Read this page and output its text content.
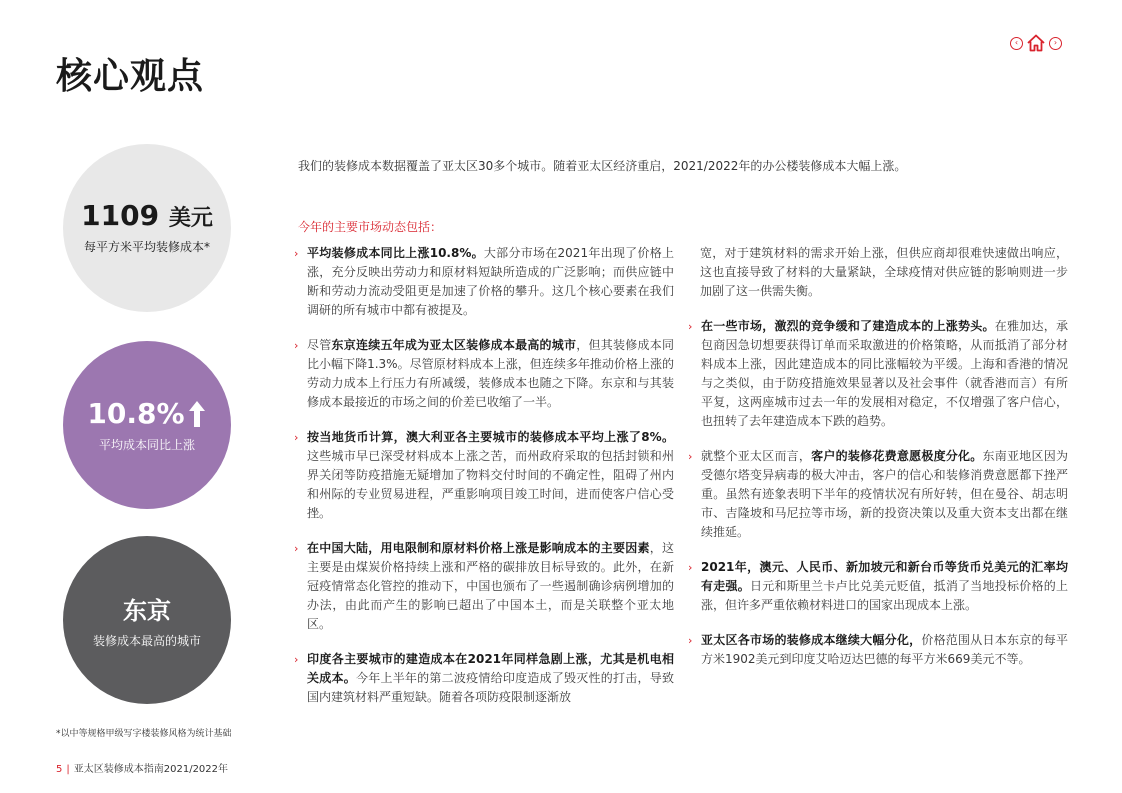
核心观点
‹	›
1109 美元
每平方米平均装修成本*
10.8%
平均成本同比上涨
东京
装修成本最高的城市
*以中等规格甲级写字楼装修风格为统计基础
5 | 亚太区装修成本指南2021/2022年
我们的装修成本数据覆盖了亚太区30多个城市。随着亚太区经济重启，2021/2022年的办公楼装修成本大幅上涨。
今年的主要市场动态包括：
› 平均装修成本同比上涨10.8%。大部分市场在2021年出现了价格上涨，充分反映出劳动力和原材料短缺所造成的广泛影响；而供应链中断和劳动力流动受阻更是加速了价格的攀升。这几个核心要素在我们调研的所有城市中都有被提及。
› 尽管东京连续五年成为亚太区装修成本最高的城市，但其装修成本同比小幅下降1.3%。尽管原材料成本上涨，但连续多年推动价格上涨的劳动力成本上行压力有所减缓，装修成本也随之下降。东京和与其装修成本最接近的市场之间的价差已收缩了一半。
› 按当地货币计算，澳大利亚各主要城市的装修成本平均上涨了8%。这些城市早已深受材料成本上涨之苦，而州政府采取的包括封锁和州界关闭等防疫措施无疑增加了物料交付时间的不确定性，阻碍了州内和州际的专业贸易进程，严重影响项目竣工时间，进而使客户信心受挫。
› 在中国大陆，用电限制和原材料价格上涨是影响成本的主要因素，这主要是由煤炭价格持续上涨和严格的碳排放目标导致的。此外，在新冠疫情常态化管控的推动下，中国也颁布了一些遏制确诊病例增加的办法，由此而产生的影响已超出了中国本土，而是关联整个亚太地区。
› 印度各主要城市的建造成本在2021年同样急剧上涨，尤其是机电相关成本。今年上半年的第二波疫情给印度造成了毁灭性的打击，导致国内建筑材料严重短缺。随着各项防疫限制逐渐放
宽，对于建筑材料的需求开始上涨，但供应商却很难快速做出响应，这也直接导致了材料的大量紧缺，全球疫情对供应链的影响则进一步加剧了这一供需失衡。
› 在一些市场，激烈的竞争缓和了建造成本的上涨势头。在雅加达，承包商因急切想要获得订单而采取激进的价格策略，从而抵消了部分材料成本上涨，因此建造成本的同比涨幅较为平缓。上海和香港的情况与之类似，由于防疫措施效果显著以及社会事件（就香港而言）有所平复，这两座城市过去一年的发展相对稳定，不仅增强了客户信心，也扭转了去年建造成本下跌的趋势。
› 就整个亚太区而言，客户的装修花费意愿极度分化。东南亚地区因为受德尔塔变异病毒的极大冲击，客户的信心和装修消费意愿都下挫严重。虽然有迹象表明下半年的疫情状况有所好转，但在曼谷、胡志明市、吉隆坡和马尼拉等市场，新的投资决策以及重大资本支出都在继续推延。
› 2021年，澳元、人民币、新加坡元和新台币等货币兑美元的汇率均有走强。日元和斯里兰卡卢比兑美元贬值，抵消了当地投标价格的上涨，但许多严重依赖材料进口的国家出现成本上涨。
› 亚太区各市场的装修成本继续大幅分化，价格范围从日本东京的每平方米1902美元到印度艾哈迈达巴德的每平方米669美元不等。
